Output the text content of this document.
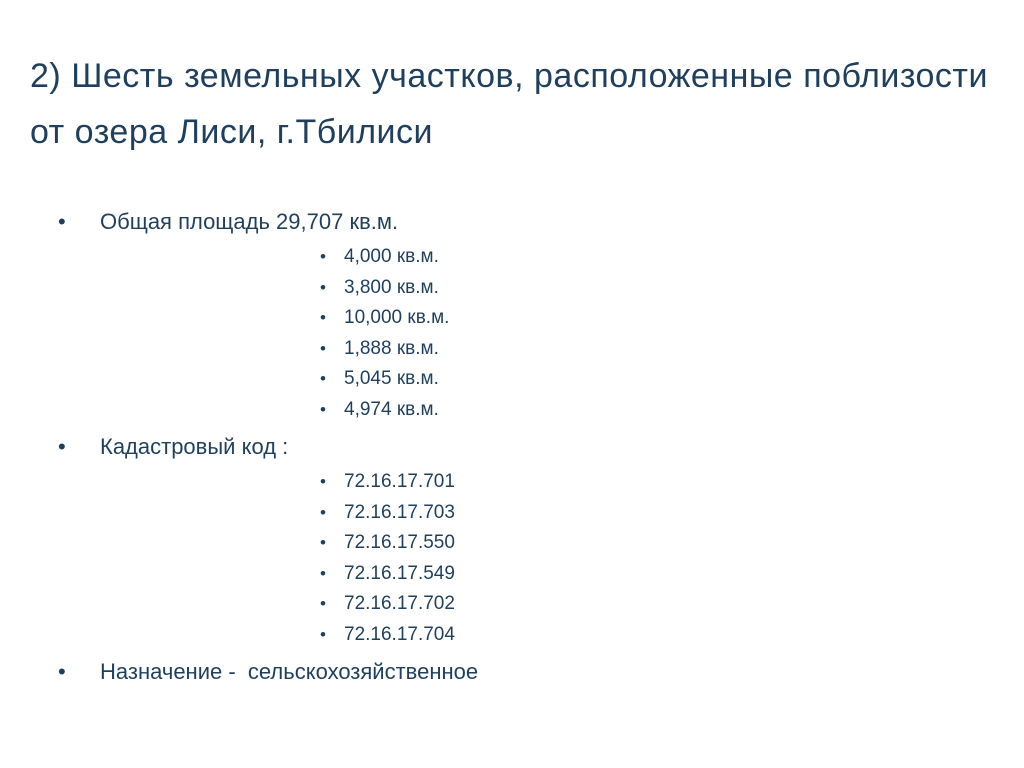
2) Шесть земельных участков, расположенные поблизости от озера Лиси, г.Тбилиси
• Общая площадь 29,707 кв.м.
• 4,000 кв.м.
• 3,800 кв.м.
• 10,000 кв.м.
• 1,888 кв.м.
• 5,045 кв.м.
• 4,974 кв.м.
• Кадастровый код :
• 72.16.17.701
• 72.16.17.703
• 72.16.17.550
• 72.16.17.549
• 72.16.17.702
• 72.16.17.704
• Назначение -  сельскохозяйственное
